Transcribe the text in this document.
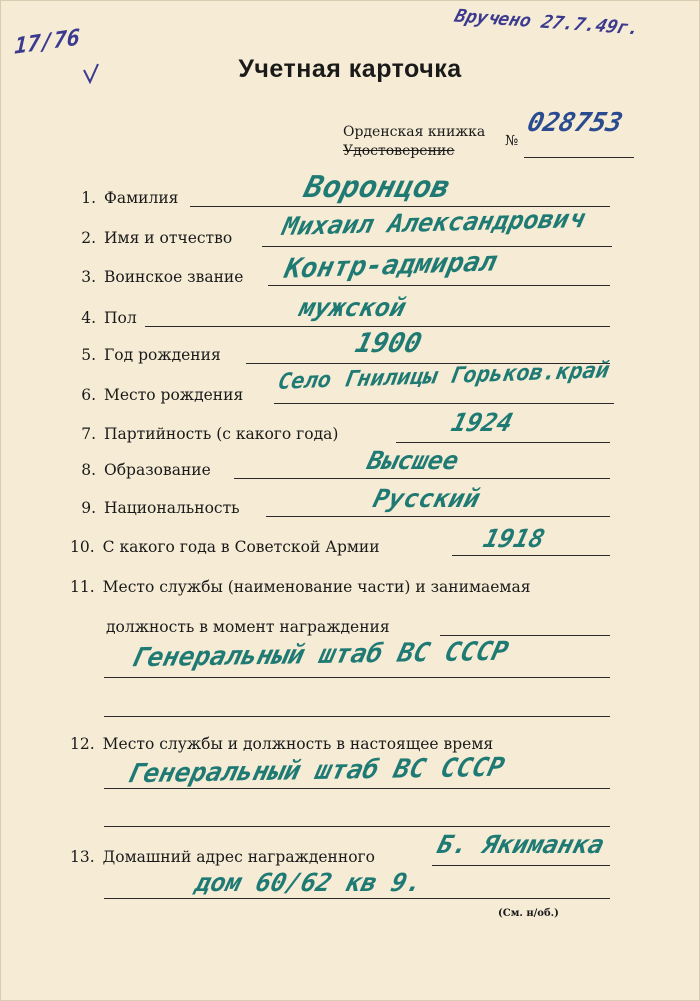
17/76
Вручено 27.7.49г.
Учетная карточка
Орденская книжка
Удостоверение
№
028753
1. Фамилия	Воронцов
2. Имя и отчество Михаил Александрович
3. Воинское звание Контр-адмирал
4. Пол	мужской
5. Год рождения	1900
6. Место рождения
Село Гнилицы Горьков.край
7. Партийность (с какого года)	1924
8. Образование	Высшее
9. Национальность	Русский
10. С какого года в Советской Армии	1918
11. Место службы (наименование части) и занимаемая
должность в момент награждения
Генеральный штаб ВС СССР
12. Место службы и должность в настоящее время
Генеральный штаб ВС СССР
13. Домашний адрес награжденного Б. Якиманка
дом 60/62 кв 9.
(См. н/об.)
